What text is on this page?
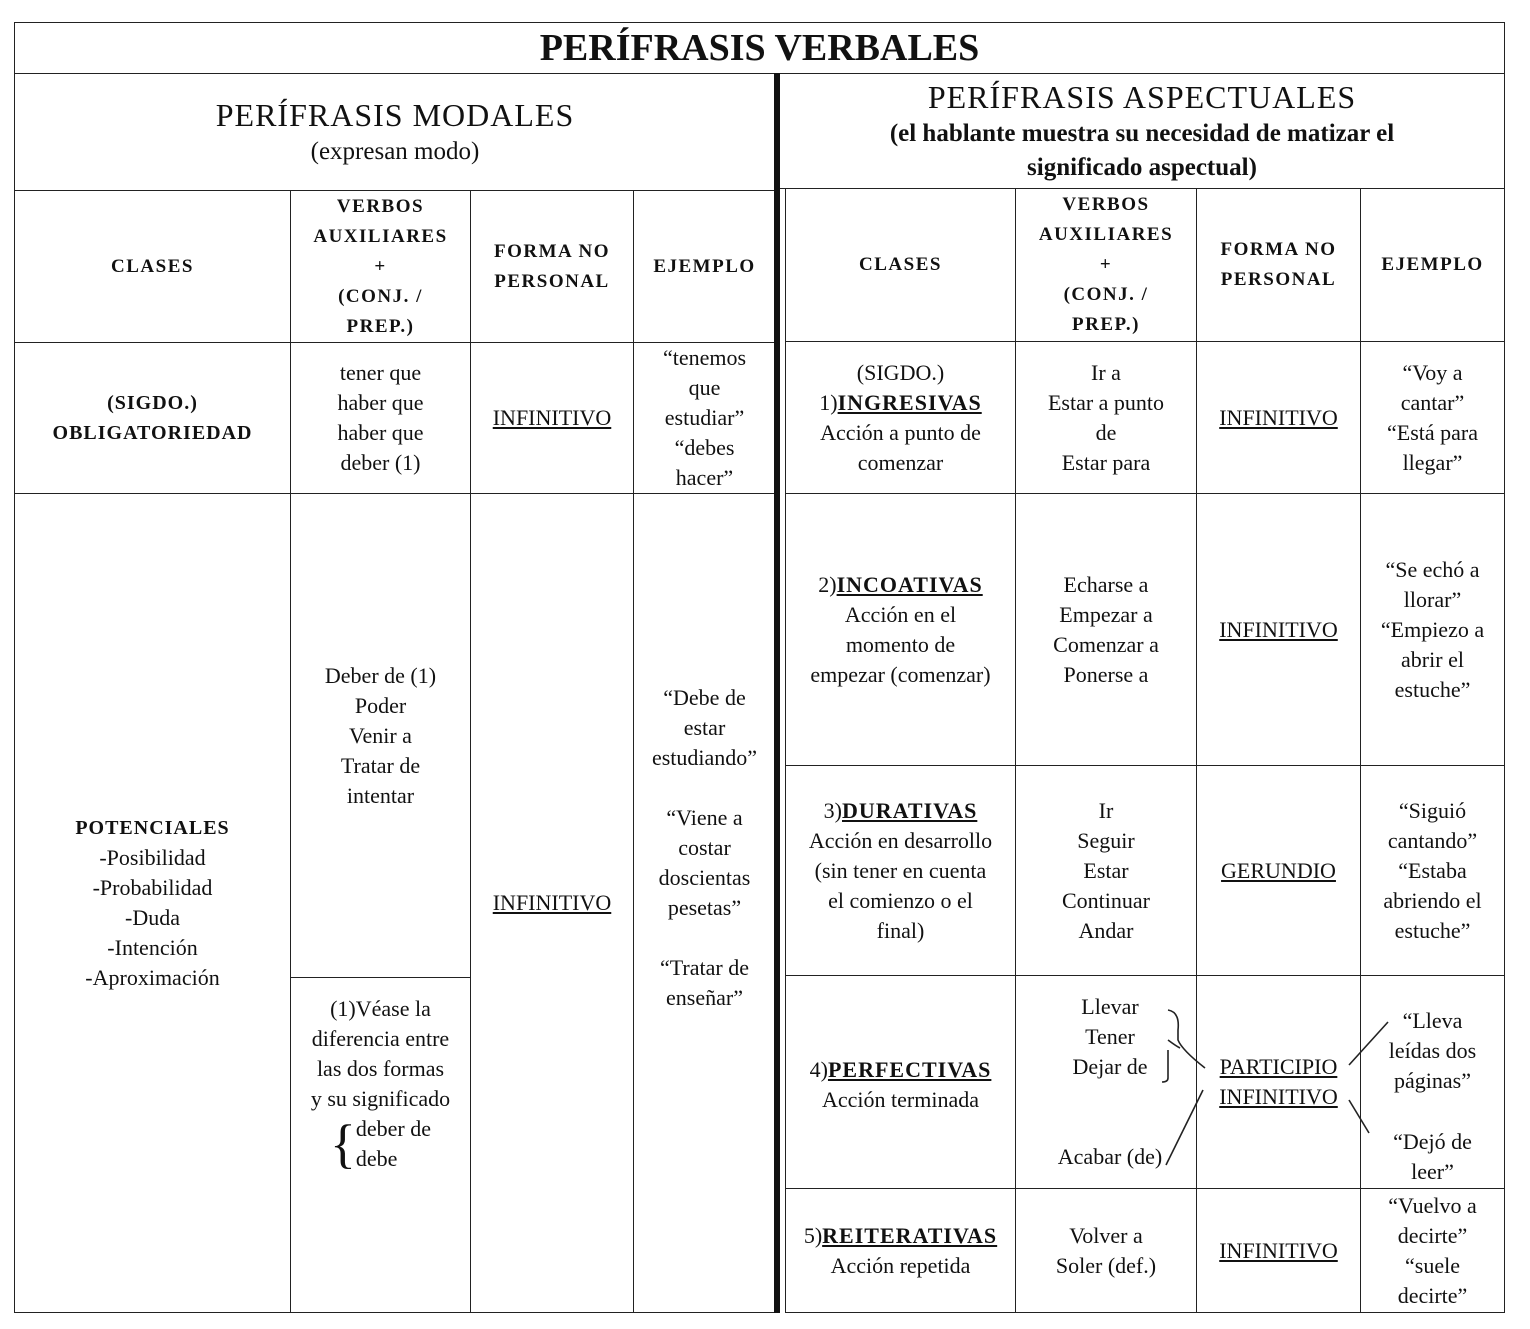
PERÍFRASIS VERBALES
PERÍFRASIS MODALES
(expresan modo)
PERÍFRASIS ASPECTUALES
(el hablante muestra su necesidad de matizar el
significado aspectual)
CLASES
VERBOS
AUXILIARES
+
(CONJ. /
PREP.)
FORMA NO
PERSONAL
EJEMPLO	CLASES
VERBOS
AUXILIARES
+
(CONJ. /
PREP.)
FORMA NO
PERSONAL
EJEMPLO
(SIGDO.)
OBLIGATORIEDAD
tener que
haber que
haber que
deber (1)
INFINITIVO
“tenemos
que
estudiar”
“debes
hacer”
POTENCIALES
-Posibilidad
-Probabilidad
-Duda
-Intención
-Aproximación
Deber de (1)
Poder
Venir a
Tratar de
intentar
(1)Véase la
diferencia entre
las dos formas
y su significado
{ deber de
debe
INFINITIVO
“Debe de
estar
estudiando”
“Viene a
costar
doscientas
pesetas”
“Tratar de
enseñar”
(SIGDO.)
1)INGRESIVAS
Acción a punto de
comenzar
Ir a
Estar a punto
de
Estar para
INFINITIVO
“Voy a
cantar”
“Está para
llegar”
2)INCOATIVAS
Acción en el
momento de
empezar (comenzar)
Echarse a
Empezar a
Comenzar a
Ponerse a
INFINITIVO
“Se echó a
llorar”
“Empiezo a
abrir el
estuche”
3)DURATIVAS
Acción en desarrollo
(sin tener en cuenta
el comienzo o el
final)
Ir
Seguir
Estar
Continuar
Andar
GERUNDIO
“Siguió
cantando”
“Estaba
abriendo el
estuche”
4)PERFECTIVAS
Acción terminada
Llevar
Tener
Dejar de
Acabar (de)
PARTICIPIO
INFINITIVO
“Lleva
leídas dos
páginas”
“Dejó de
leer”
5)REITERATIVAS
Acción repetida
Volver a
Soler (def.)
INFINITIVO
“Vuelvo a
decirte”
“suele
decirte”
